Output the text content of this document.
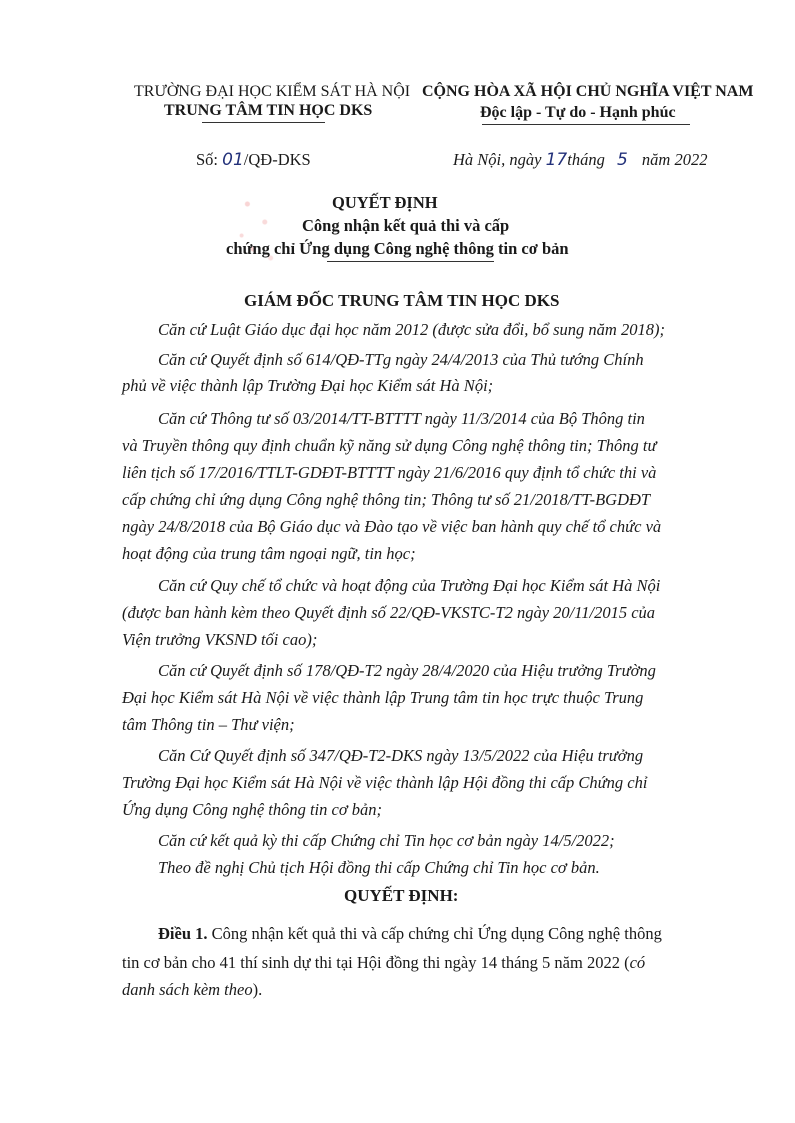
TRƯỜNG ĐẠI HỌC KIỂM SÁT HÀ NỘI
TRUNG TÂM TIN HỌC DKS
CỘNG HÒA XÃ HỘI CHỦ NGHĨA VIỆT NAM
Độc lập - Tự do - Hạnh phúc
Số: 01/QĐ-DKS	Hà Nội, ngày 17tháng 5 năm 2022
QUYẾT ĐỊNH
Công nhận kết quả thi và cấp
chứng chỉ Ứng dụng Công nghệ thông tin cơ bản
GIÁM ĐỐC TRUNG TÂM TIN HỌC DKS
Căn cứ Luật Giáo dục đại học năm 2012 (được sửa đổi, bổ sung năm 2018);
Căn cứ Quyết định số 614/QĐ-TTg ngày 24/4/2013 của Thủ tướng Chính
phủ về việc thành lập Trường Đại học Kiểm sát Hà Nội;
Căn cứ Thông tư số 03/2014/TT-BTTTT ngày 11/3/2014 của Bộ Thông tin
và Truyền thông quy định chuẩn kỹ năng sử dụng Công nghệ thông tin; Thông tư
liên tịch số 17/2016/TTLT-GDĐT-BTTTT ngày 21/6/2016 quy định tổ chức thi và
cấp chứng chỉ ứng dụng Công nghệ thông tin; Thông tư số 21/2018/TT-BGDĐT
ngày 24/8/2018 của Bộ Giáo dục và Đào tạo về việc ban hành quy chế tổ chức và
hoạt động của trung tâm ngoại ngữ, tin học;
Căn cứ Quy chế tổ chức và hoạt động của Trường Đại học Kiểm sát Hà Nội
(được ban hành kèm theo Quyết định số 22/QĐ-VKSTC-T2 ngày 20/11/2015 của
Viện trưởng VKSND tối cao);
Căn cứ Quyết định số 178/QĐ-T2 ngày 28/4/2020 của Hiệu trưởng Trường
Đại học Kiểm sát Hà Nội về việc thành lập Trung tâm tin học trực thuộc Trung
tâm Thông tin – Thư viện;
Căn Cứ Quyết định số 347/QĐ-T2-DKS ngày 13/5/2022 của Hiệu trưởng
Trường Đại học Kiểm sát Hà Nội về việc thành lập Hội đồng thi cấp Chứng chỉ
Ứng dụng Công nghệ thông tin cơ bản;
Căn cứ kết quả kỳ thi cấp Chứng chỉ Tin học cơ bản ngày 14/5/2022;
Theo đề nghị Chủ tịch Hội đồng thi cấp Chứng chỉ Tin học cơ bản.
QUYẾT ĐỊNH:
Điều 1. Công nhận kết quả thi và cấp chứng chỉ Ứng dụng Công nghệ thông
tin cơ bản cho 41 thí sinh dự thi tại Hội đồng thi ngày 14 tháng 5 năm 2022 (có
danh sách kèm theo).
